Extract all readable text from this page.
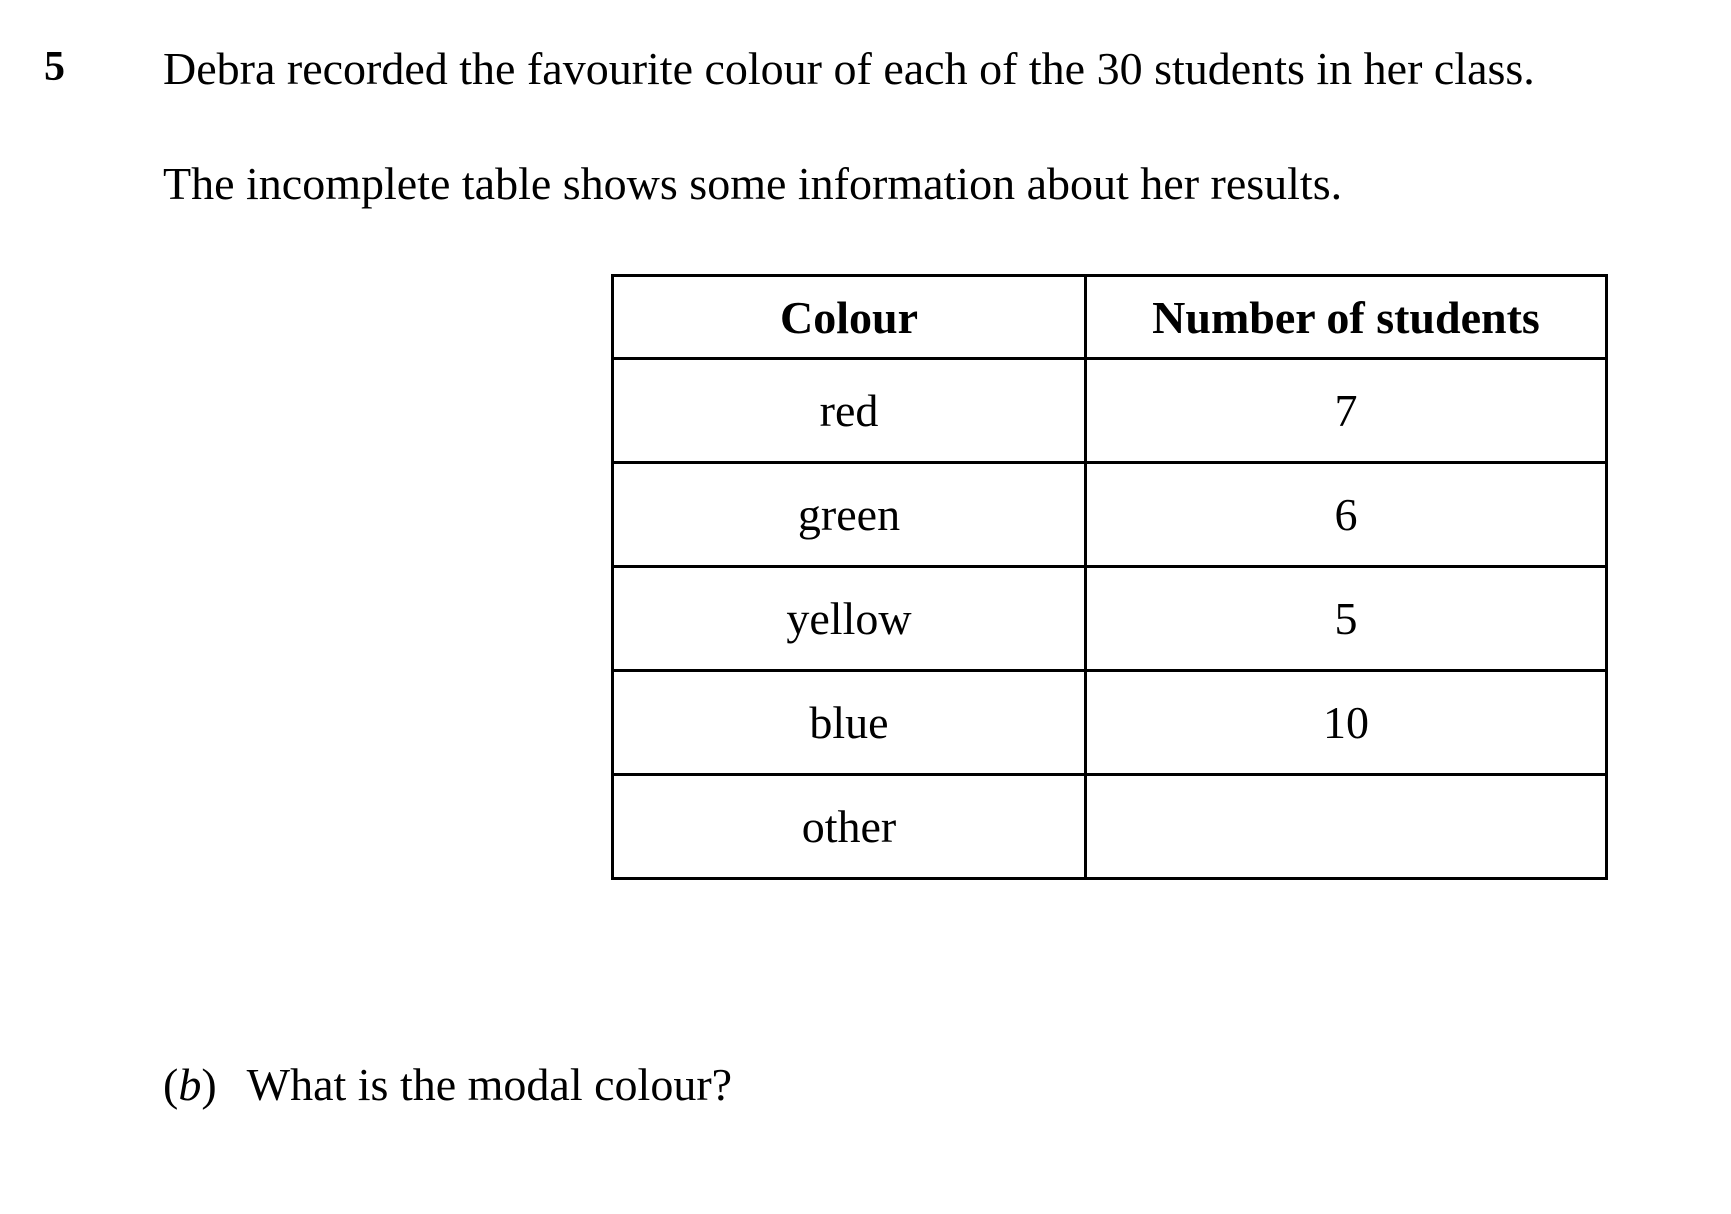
5 Debra recorded the favourite colour of each of the 30 students in her class.
The incomplete table shows some information about her results.
Colour	Number of students
red	7
green	6
yellow	5
blue	10
other	
(b) What is the modal colour?
